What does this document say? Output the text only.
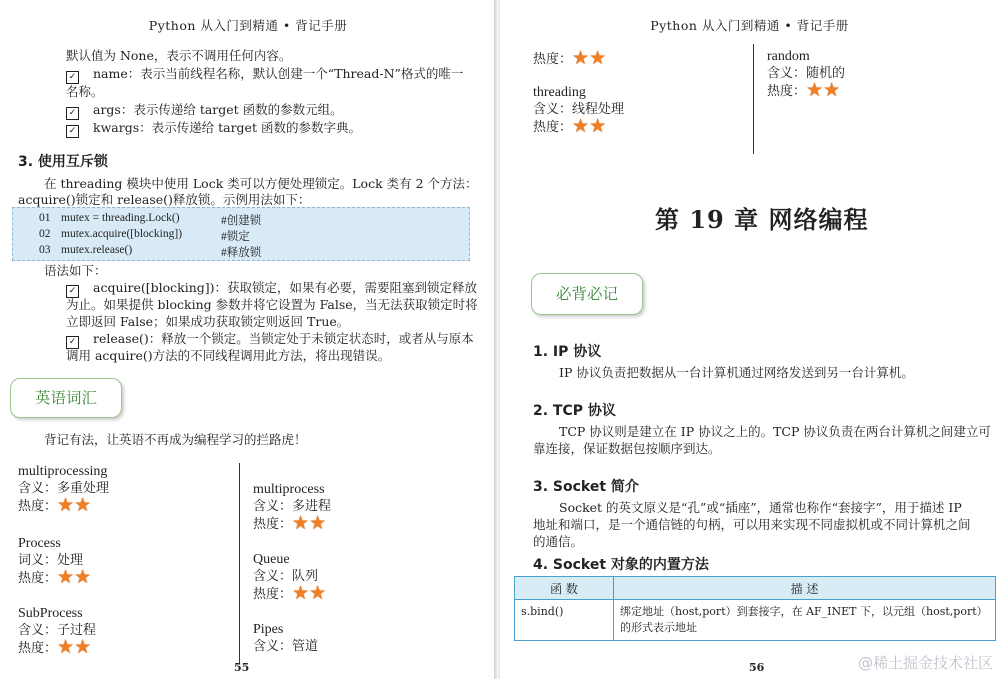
Python 从入门到精通 • 背记手册
默认值为 None，表示不调用任何内容。
✓ name：表示当前线程名称，默认创建一个“Thread-N”格式的唯一
名称。
✓ args：表示传递给 target 函数的参数元组。
✓ kwargs：表示传递给 target 函数的参数字典。
3. 使用互斥锁
在 threading 模块中使用 Lock 类可以方便处理锁定。Lock 类有 2 个方法：
acquire()锁定和 release()释放锁。示例用法如下：
01 mutex = threading.Lock()	#创建锁
02 mutex.acquire([blocking])	#锁定
03 mutex.release()	#释放锁
语法如下：
✓ acquire([blocking])：获取锁定，如果有必要，需要阻塞到锁定释放
为止。如果提供 blocking 参数并将它设置为 False，当无法获取锁定时将
立即返回 False；如果成功获取锁定则返回 True。
✓ release()：释放一个锁定。当锁定处于未锁定状态时，或者从与原本
调用 acquire()方法的不同线程调用此方法，将出现错误。
英语词汇
背记有法，让英语不再成为编程学习的拦路虎！
multiprocessing
含义：多重处理
热度：★★
Process
词义：处理
热度：★★
SubProcess
含义：子过程
热度：★★
multiprocess
含义：多进程
热度：★★
Queue
含义：队列
热度：★★
Pipes
含义：管道
55
Python 从入门到精通 • 背记手册
热度：★★
threading
含义：线程处理
热度：★★
random
含义：随机的
热度：★★
第 19 章 网络编程
必背必记
1. IP 协议
IP 协议负责把数据从一台计算机通过网络发送到另一台计算机。
2. TCP 协议
TCP 协议则是建立在 IP 协议之上的。TCP 协议负责在两台计算机之间建立可
靠连接，保证数据包按顺序到达。
3. Socket 简介
Socket 的英文原义是“孔”或“插座”，通常也称作“套接字”，用于描述 IP
地址和端口，是一个通信链的句柄，可以用来实现不同虚拟机或不同计算机之间
的通信。
4. Socket 对象的内置方法
函 数	描 述
s.bind()	绑定地址（host,port）到套接字，在 AF_INET 下，以元组（host,port）的形式表示地址
56	@稀土掘金技术社区
